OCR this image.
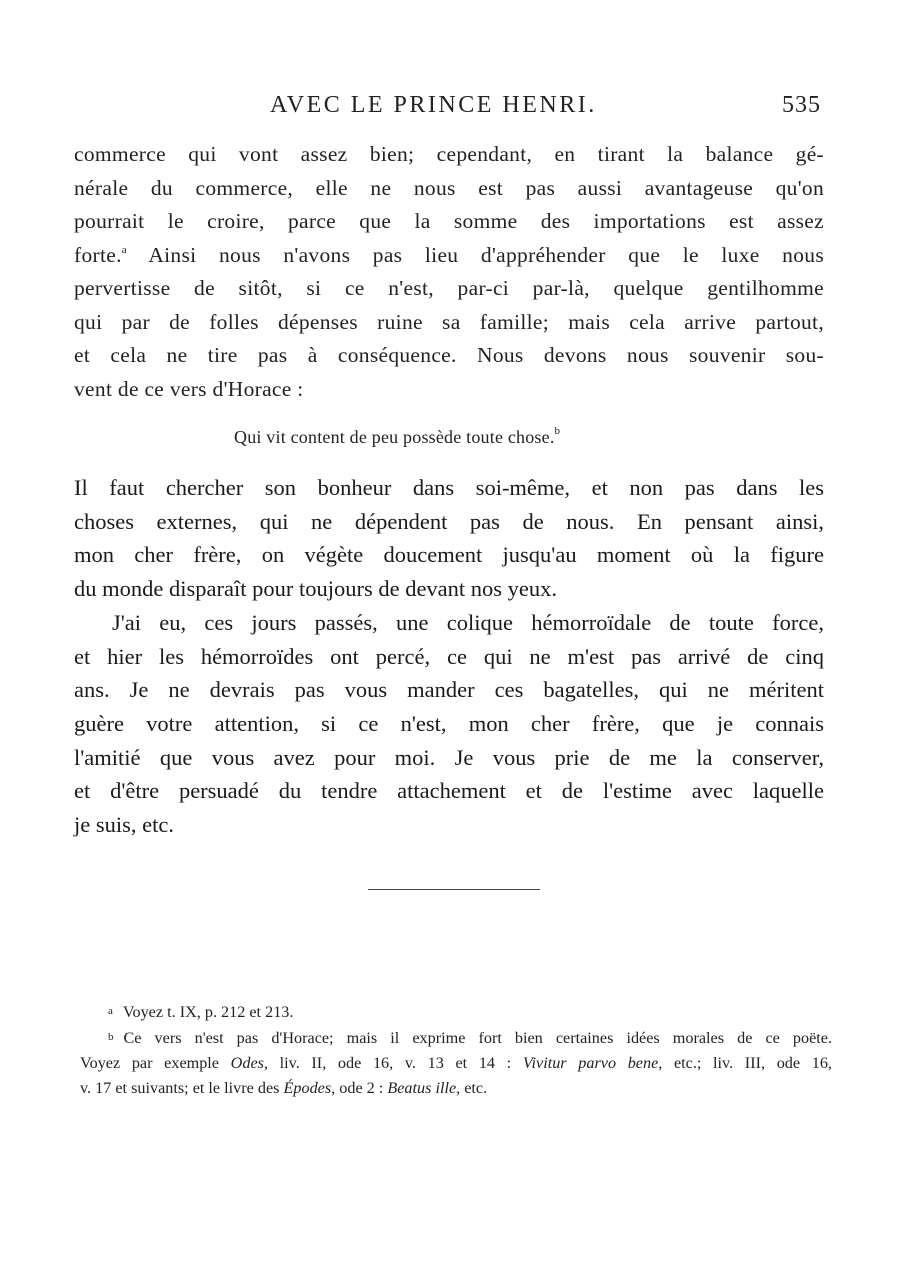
AVEC LE PRINCE HENRI.	535
commerce qui vont assez bien; cependant, en tirant la balance gé-
nérale du commerce, elle ne nous est pas aussi avantageuse qu'on
pourrait le croire, parce que la somme des importations est assez
forte.$^a$ Ainsi nous n'avons pas lieu d'appréhender que le luxe nous
pervertisse de sitôt, si ce n'est, par-ci par-là, quelque gentilhomme
qui par de folles dépenses ruine sa famille; mais cela arrive partout,
et cela ne tire pas à conséquence. Nous devons nous souvenir sou-
vent de ce vers d'Horace :
Qui vit content de peu possède toute chose.$^b$
Il faut chercher son bonheur dans soi-même, et non pas dans les
choses externes, qui ne dépendent pas de nous. En pensant ainsi,
mon cher frère, on végète doucement jusqu'au moment où la figure
du monde disparaît pour toujours de devant nos yeux.
J'ai eu, ces jours passés, une colique hémorroïdale de toute force,
et hier les hémorroïdes ont percé, ce qui ne m'est pas arrivé de cinq
ans. Je ne devrais pas vous mander ces bagatelles, qui ne méritent
guère votre attention, si ce n'est, mon cher frère, que je connais
l'amitié que vous avez pour moi. Je vous prie de me la conserver,
et d'être persuadé du tendre attachement et de l'estime avec laquelle
je suis, etc.
a Voyez t. IX, p. 212 et 213.
b Ce vers n'est pas d'Horace; mais il exprime fort bien certaines idées morales de ce poëte.
Voyez par exemple Odes, liv. II, ode 16, v. 13 et 14 : Vivitur parvo bene, etc.; liv. III, ode 16,
v. 17 et suivants; et le livre des Épodes, ode 2 : Beatus ille, etc.
